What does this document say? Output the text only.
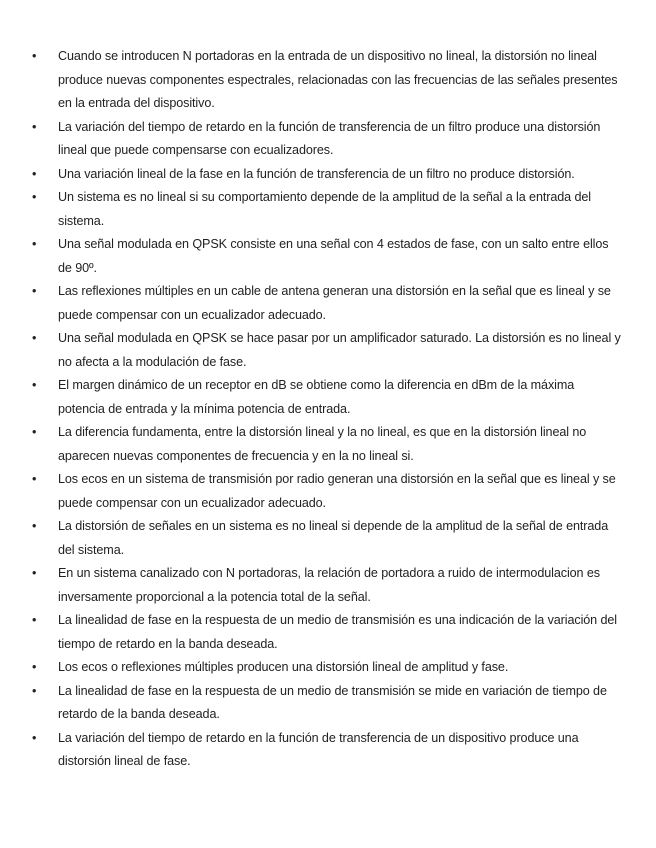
• Cuando se introducen N portadoras en la entrada de un dispositivo no lineal, la distorsión no lineal produce nuevas componentes espectrales, relacionadas con las frecuencias de las señales presentes en la entrada del dispositivo.
• La variación del tiempo de retardo en la función de transferencia de un filtro produce una distorsión lineal que puede compensarse con ecualizadores.
• Una variación lineal de la fase en la función de transferencia de un filtro no produce distorsión.
• Un sistema es no lineal si su comportamiento depende de la amplitud de la señal a la entrada del sistema.
• Una señal modulada en QPSK consiste en una señal con 4 estados de fase, con un salto entre ellos de 90º.
• Las reflexiones múltiples en un cable de antena generan una distorsión en la señal que es lineal y se puede compensar con un ecualizador adecuado.
• Una señal modulada en QPSK se hace pasar por un amplificador saturado. La distorsión es no lineal y no afecta a la modulación de fase.
• El margen dinámico de un receptor en dB se obtiene como la diferencia en dBm de la máxima potencia de entrada y la mínima potencia de entrada.
• La diferencia fundamenta, entre la distorsión lineal y la no lineal, es que en la distorsión lineal no aparecen nuevas componentes de frecuencia y en la no lineal si.
• Los ecos en un sistema de transmisión por radio generan una distorsión en la señal que es lineal y se puede compensar con un ecualizador adecuado.
• La distorsión de señales en un sistema es no lineal si depende de la amplitud de la señal de entrada del sistema.
• En un sistema canalizado con N portadoras, la relación de portadora a ruido de intermodulacion es inversamente proporcional a la potencia total de la señal.
• La linealidad de fase en la respuesta de un medio de transmisión es una indicación de la variación del tiempo de retardo en la banda deseada.
• Los ecos o reflexiones múltiples producen una distorsión lineal de amplitud y fase.
• La linealidad de fase en la respuesta de un medio de transmisión se mide en variación de tiempo de retardo de la banda deseada.
• La variación del tiempo de retardo en la función de transferencia de un dispositivo produce una distorsión lineal de fase.
